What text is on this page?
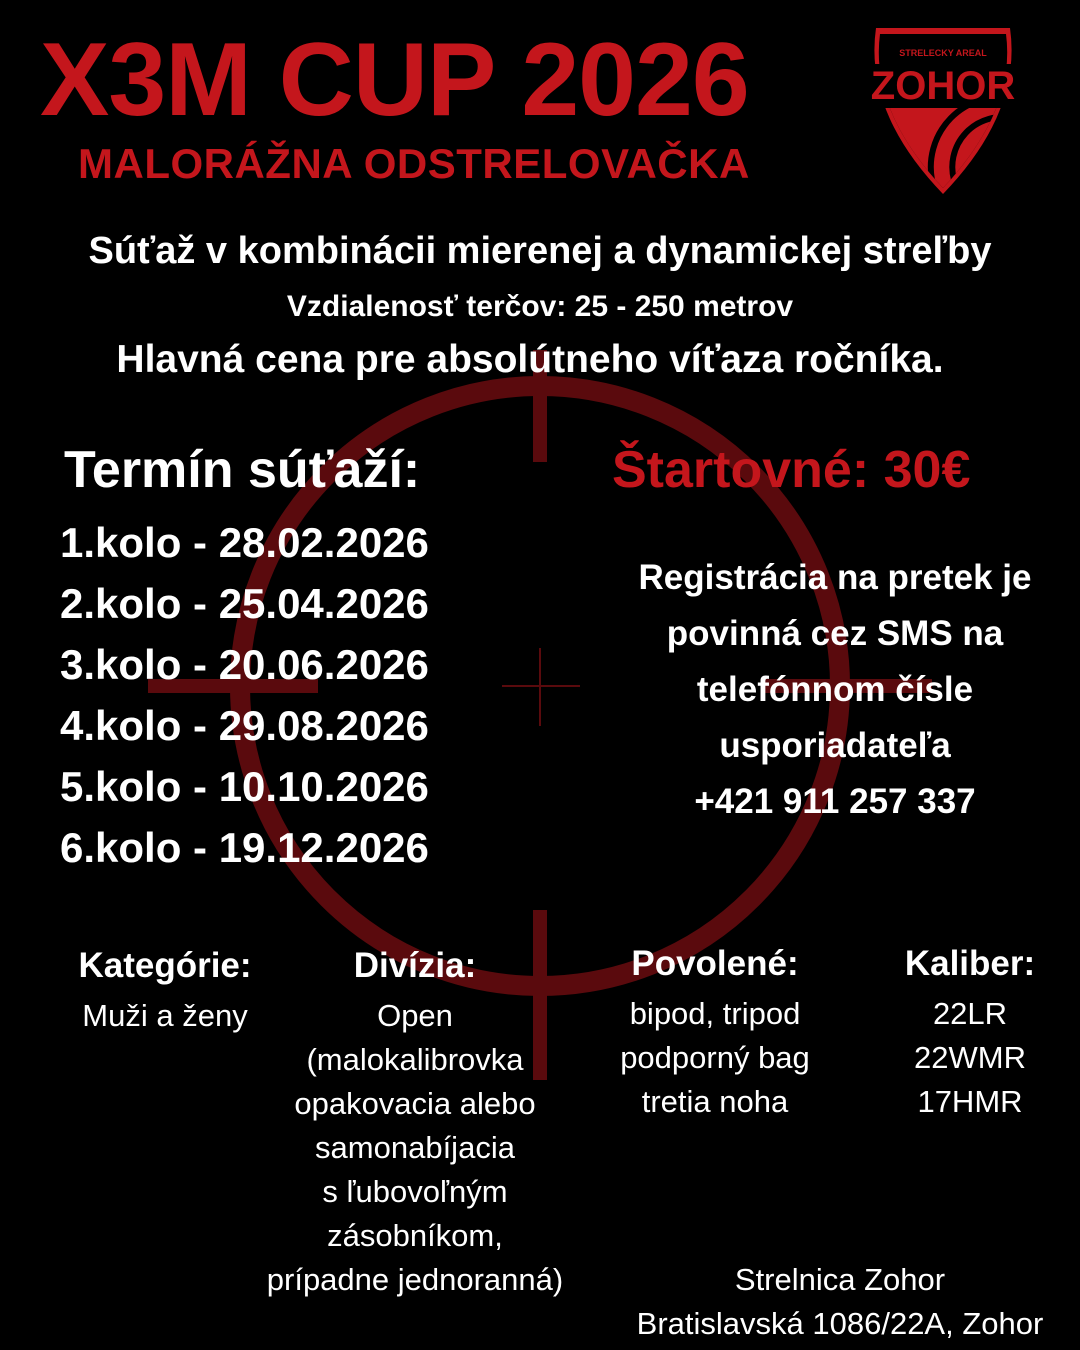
X3M CUP 2026
MALORÁŽNA ODSTRELOVAČKA
STRELECKY AREAL
ZOHOR
Súťaž v kombinácii mierenej a dynamickej streľby
Vzdialenosť terčov: 25 - 250 metrov
Hlavná cena pre absolútneho víťaza ročníka.
Termín súťaží:
1.kolo - 28.02.2026
2.kolo - 25.04.2026
3.kolo - 20.06.2026
4.kolo - 29.08.2026
5.kolo - 10.10.2026
6.kolo - 19.12.2026
Štartovné: 30€
Registrácia na pretek je
povinná cez SMS na
telefónnom čísle
usporiadateľa
+421 911 257 337
Kategórie:
Muži a ženy
Divízia:
Open
(malokalibrovka
opakovacia alebo
samonabíjacia
s ľubovoľným
zásobníkom,
prípadne jednoranná)
Povolené:
bipod, tripod
podporný bag
tretia noha
Kaliber:
22LR
22WMR
17HMR
Strelnica Zohor
Bratislavská 1086/22A, Zohor
